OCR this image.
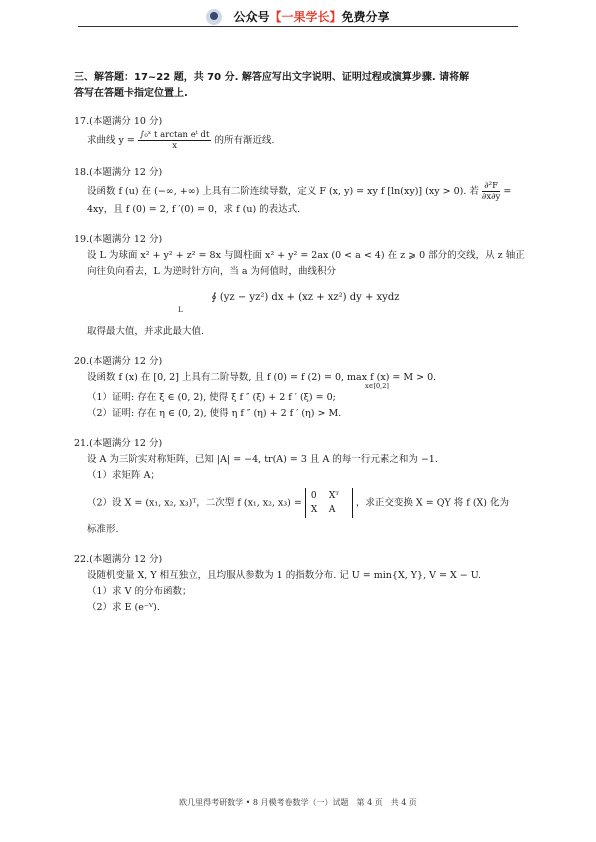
公众号【一果学长】免费分享
三、解答题：17~22 题，共 70 分. 解答应写出文字说明、证明过程或演算步骤. 请将解
答写在答题卡指定位置上.
17.(本题满分 10 分)
求曲线 $y = \frac{\text{∫₀ˣ t arctan eᵗ dt}}{x}$ 的所有渐近线.
18.(本题满分 12 分)
设函数 f (u) 在 (−∞, +∞) 上具有二阶连续导数，定义 F (x, y) = xy f [ln(xy)] (xy > 0). 若 $\frac{\text{∂²F}}{\partial x\partial y}$ =
4xy，且 f (0) = 2, f ′(0) = 0，求 f (u) 的表达式.
19.(本题满分 12 分)
设 L 为球面 x² + y² + z² = 8x 与圆柱面 x² + y² = 2ax (0 < a < 4) 在 z ⩾ 0 部分的交线，从 z 轴正
向往负向看去，L 为逆时针方向，当 a 为何值时，曲线积分
∮ (yz − yz²) dx + (xz + xz²) dy + xydz
L
取得最大值，并求此最大值.
20.(本题满分 12 分)
设函数 f (x) 在 [0, 2] 上具有二阶导数, 且 f (0) = f (2) = 0, max f (x) = M > 0.
x∈[0,2]
（1）证明: 存在 ξ ∈ (0, 2), 使得 ξ f ″ (ξ) + 2 f ′ (ξ) = 0;
（2）证明: 存在 η ∈ (0, 2), 使得 η f ″ (η) + 2 f ′ (η) > M.
21.(本题满分 12 分)
设 A 为三阶实对称矩阵，已知 |A| = −4, tr(A) = 3 且 A 的每一行元素之和为 −1.
（1）求矩阵 A；
（2）设 X = (x₁, x₂, x₃)ᵀ，二次型 f (x₁, x₂, x₃) =
0 Xᵀ
X A
，求正交变换 X = QY 将 f (X) 化为
标准形.
22.(本题满分 12 分)
设随机变量 X, Y 相互独立，且均服从参数为 1 的指数分布. 记 U = min{X, Y}, V = X − U.
（1）求 V 的分布函数；
（2）求 E (e⁻ⱽ).
欧几里得考研数学 • 8 月模考卷数学（一）试题　第 4 页　共 4 页
